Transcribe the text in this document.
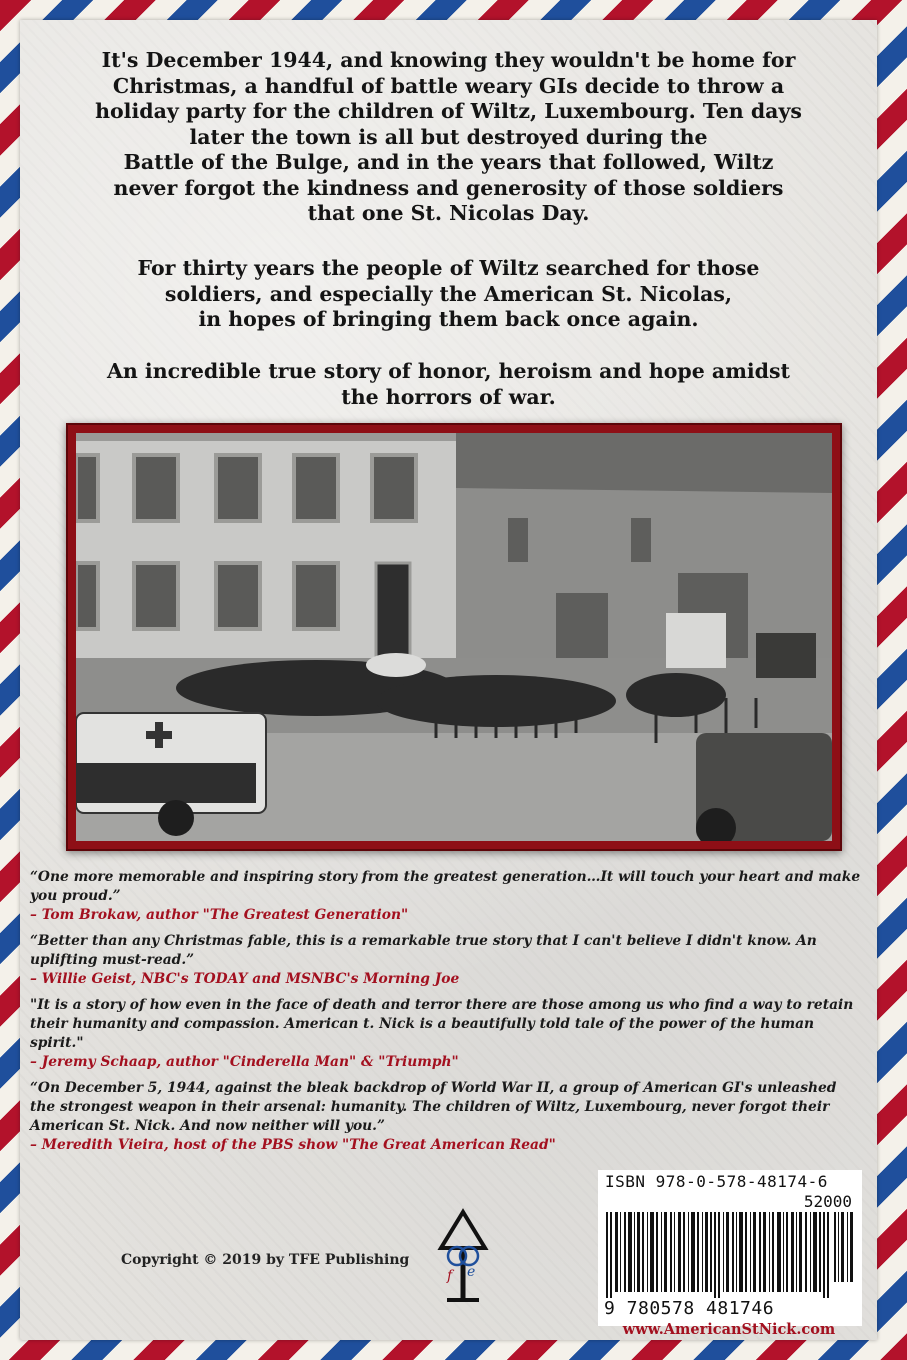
It's December 1944, and knowing they wouldn't be home for
Christmas, a handful of battle weary GIs decide to throw a
holiday party for the children of Wiltz, Luxembourg. Ten days
later the town is all but destroyed during the
Battle of the Bulge, and in the years that followed, Wiltz
never forgot the kindness and generosity of those soldiers
that one St. Nicolas Day.
For thirty years the people of Wiltz searched for those
soldiers, and especially the American St. Nicolas,
in hopes of bringing them back once again.
An incredible true story of honor, heroism and hope amidst
the horrors of war.
“One more memorable and inspiring story from the greatest generation…It will touch your heart and make you proud.”
– Tom Brokaw, author "The Greatest Generation"
“Better than any Christmas fable, this is a remarkable true story that I can't believe I didn't know. An uplifting must-read.”
– Willie Geist, NBC's TODAY and MSNBC's Morning Joe
"It is a story of how even in the face of death and terror there are those among us who find a way to retain their humanity and compassion. American t. Nick is a beautifully told tale of the power of the human spirit."
– Jeremy Schaap, author "Cinderella Man" & "Triumph"
“On December 5, 1944, against the bleak backdrop of World War II, a group of American GI's unleashed the strongest weapon in their arsenal: humanity. The children of Wiltz, Luxembourg, never forgot their American St. Nick. And now neither will you.”
– Meredith Vieira, host of the PBS show "The Great American Read"
Copyright © 2019 by TFE Publishing
f e
ISBN 978-0-578-48174-6
52000
9 780578 481746
www.AmericanStNick.com
